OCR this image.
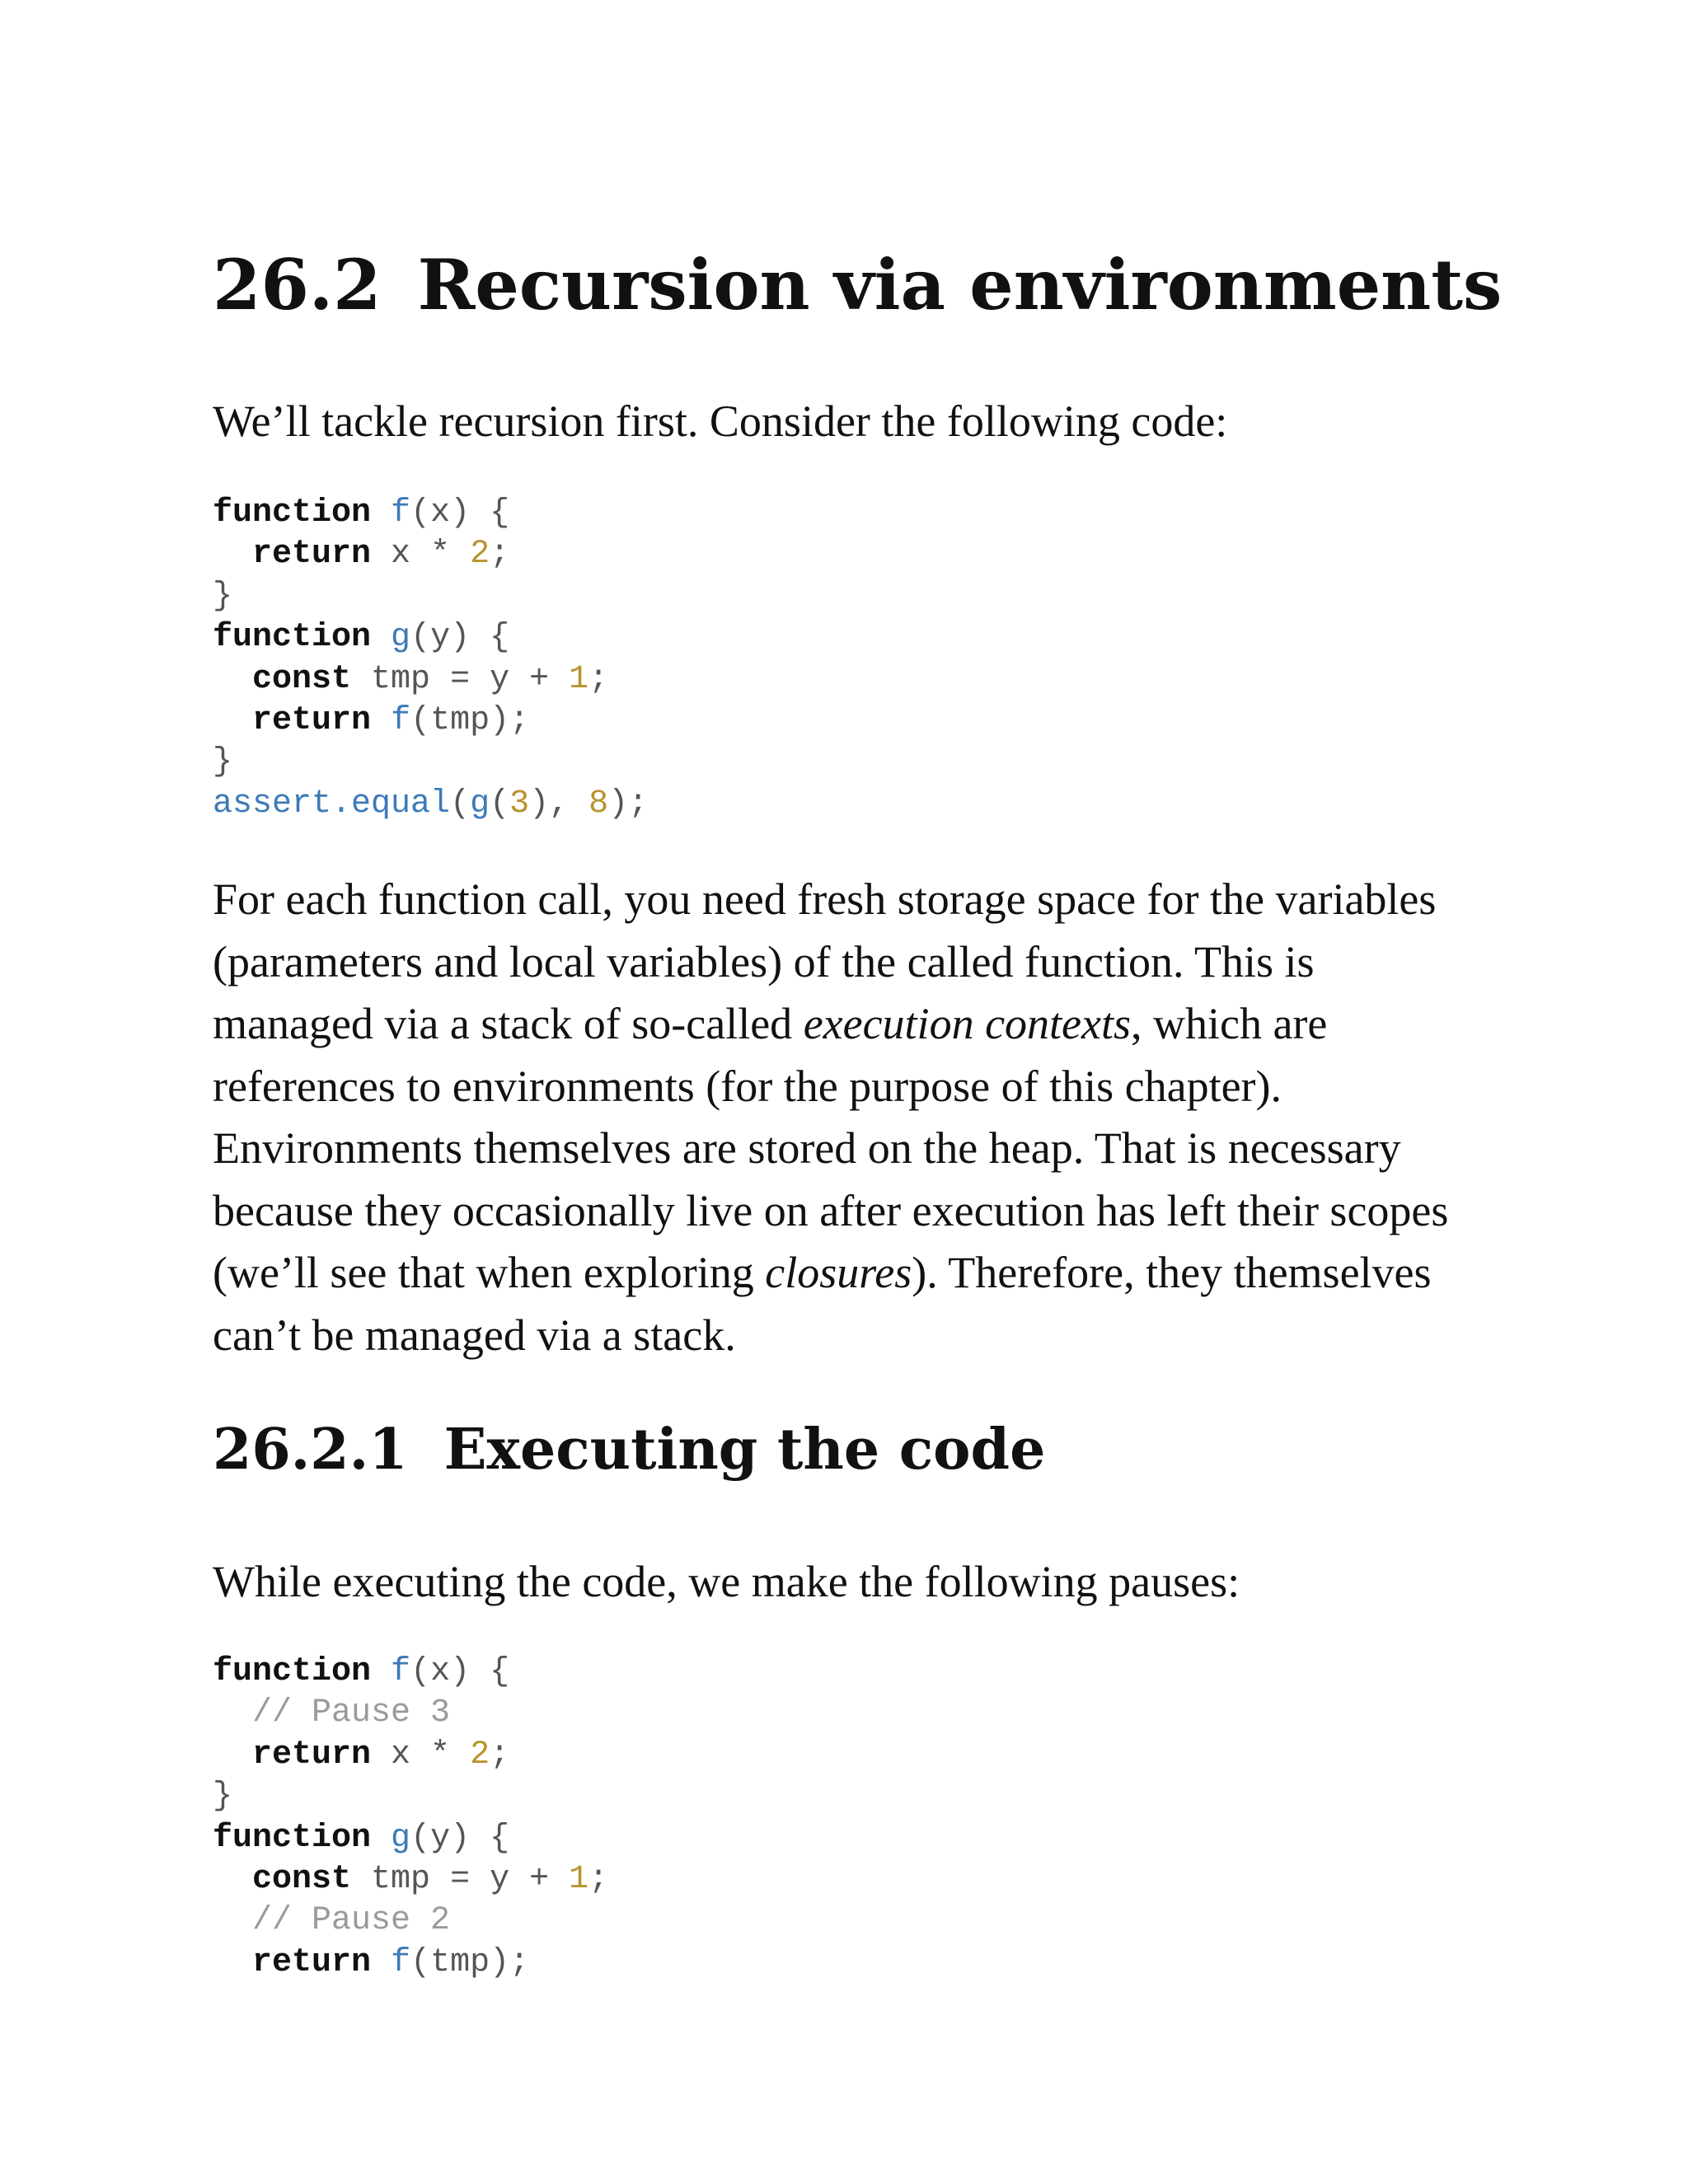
26.2 Recursion via environments

We’ll tackle recursion first. Consider the following code:

function f(x) {
return x * 2;
}
function g(y) {
const tmp = y + 1;
return f(tmp);
}
assert.equal(g(3), 8);
For each function call, you need fresh storage space for the variables
(parameters and local variables) of the called function. This is
managed via a stack of so-called execution contexts, which are
references to environments (for the purpose of this chapter).
Environments themselves are stored on the heap. That is necessary
because they occasionally live on after execution has left their scopes
(we’ll see that when exploring closures). Therefore, they themselves
can’t be managed via a stack.
26.2.1 Executing the code

While executing the code, we make the following pauses:

function f(x) {
// Pause 3
return x * 2;
}
function g(y) {
const tmp = y + 1;
// Pause 2
return f(tmp);
